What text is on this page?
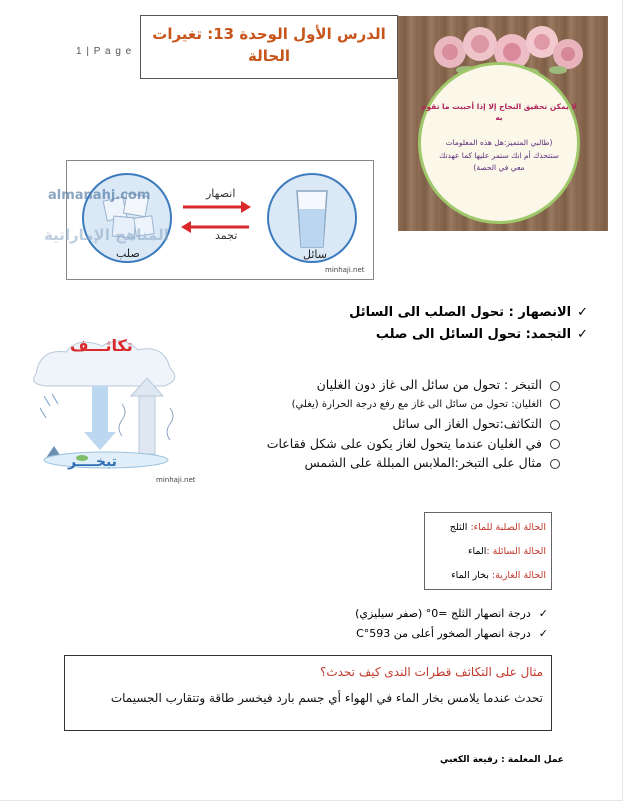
1 | P a g e
الدرس الأول الوحدة 13: تغيرات الحالة
لا يمكن تحقيق النجاح إلا إذا أحببت ما تقوم به
(طالبي المتميز:هل هذه المعلومات ستتحدك أم انك ستمر عليها كما عهدتك معي في الحصة)
انصهار
تجمد
صلب	سائل
minhaji.net
almanahj.com
المناهج الإماراتية
✓الانصهار : تحول الصلب الى السائل
✓التجمد: تحول السائل الى صلب
تكاثـــف
تبخــــر
minhaji.net
التبخر : تحول من سائل الى غاز دون الغليان
الغليان: تحول من سائل الى غاز مع رفع درجة الحرارة (يغلي)
التكاثف:تحول الغاز الى سائل
في الغليان عندما يتحول لغاز يكون على شكل فقاعات
مثال على التبخر:الملابس المبللة على الشمس
الحالة الصلبة للماء: الثلج
الحالة السائلة :الماء
الحالة الغازية: بخار الماء
✓درجة انصهار الثلج =0° (صفر سيليزي)
✓درجة انصهار الصخور أعلى من C°593
مثال على التكاثف قطرات الندى كيف تحدث؟
تحدث عندما يلامس بخار الماء في الهواء أي جسم بارد فيخسر طاقة وتتقارب الجسيمات
عمل المعلمة : رفيعة الكعبي
